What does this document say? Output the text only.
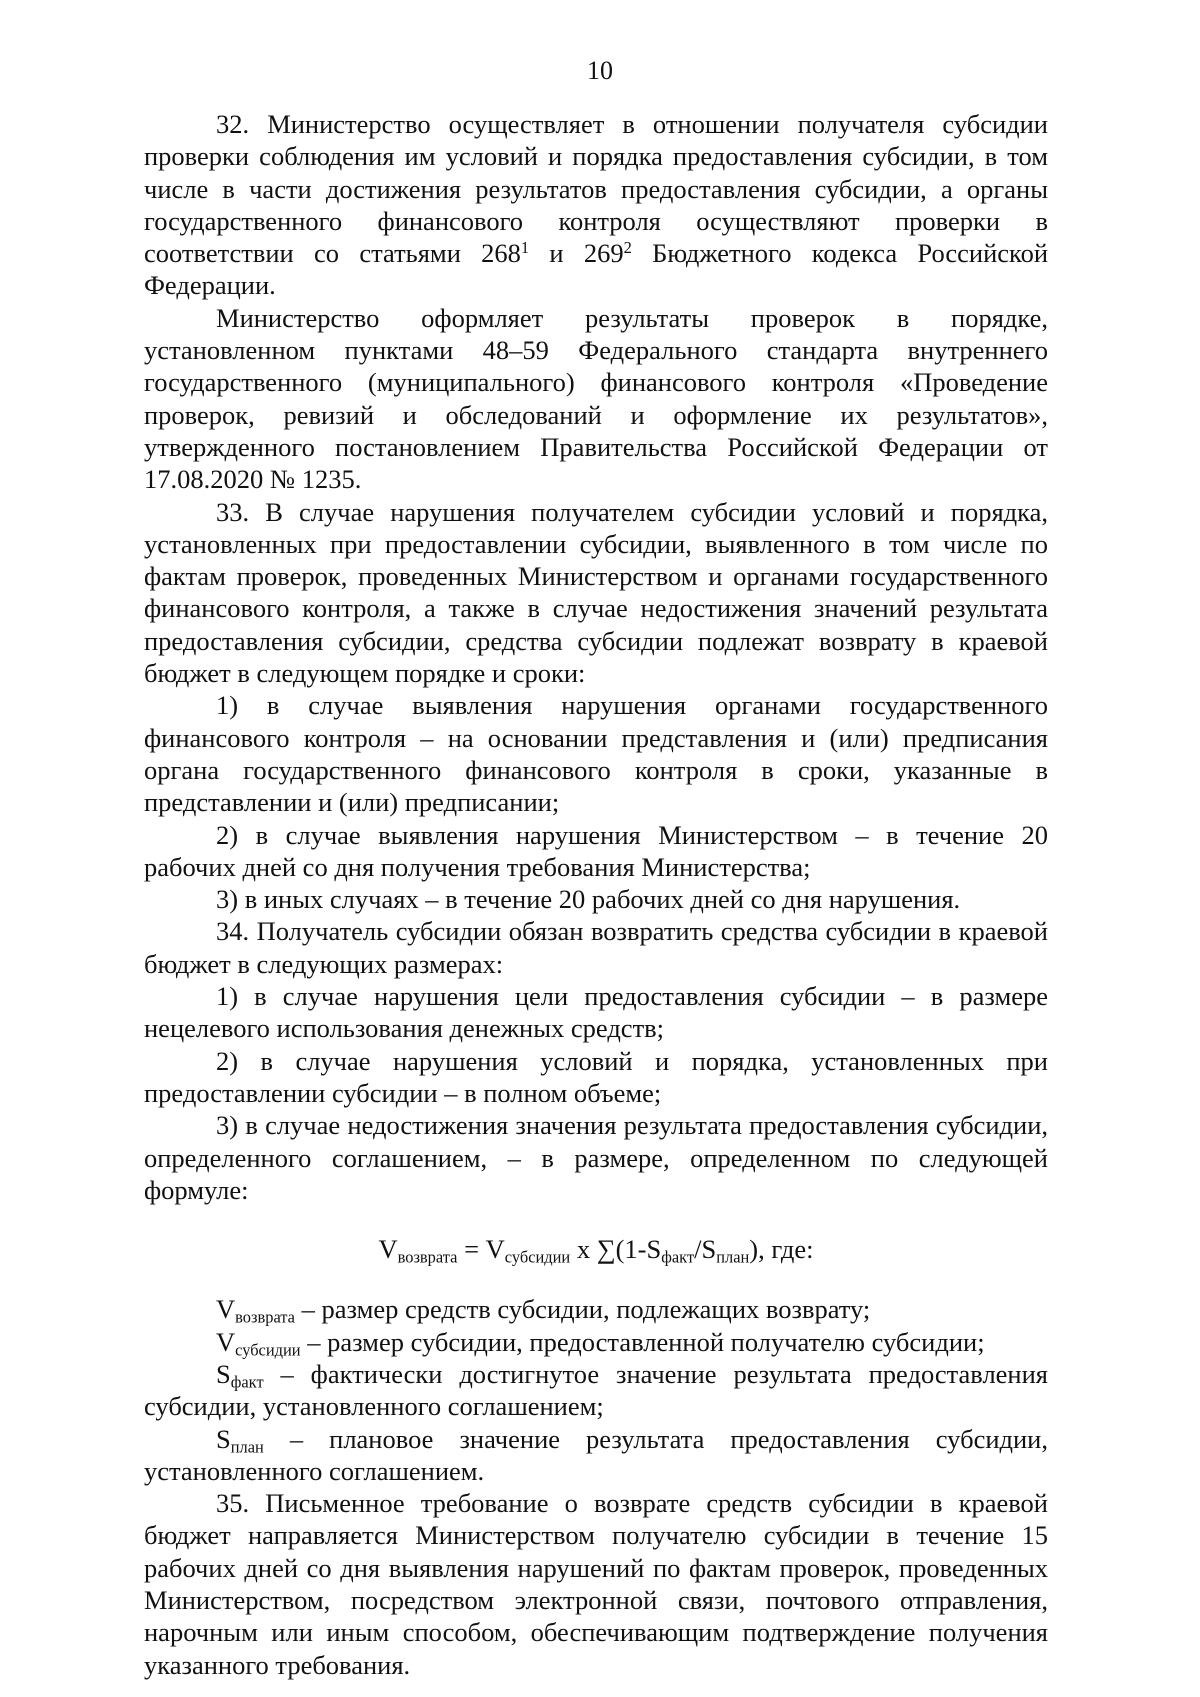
10

32. Министерство осуществляет в отношении получателя субсидии проверки соблюдения им условий и порядка предоставления субсидии, в том числе в части достижения результатов предоставления субсидии, а органы государственного финансового контроля осуществляют проверки в соответствии со статьями $268^1$ и $269^2$ Бюджетного кодекса Российской Федерации.

Министерство оформляет результаты проверок в порядке, установленном пунктами 48–59 Федерального стандарта внутреннего государственного (муниципального) финансового контроля «Проведение проверок, ревизий и обследований и оформление их результатов», утвержденного постановлением Правительства Российской Федерации от 17.08.2020 № 1235.

33. В случае нарушения получателем субсидии условий и порядка, установленных при предоставлении субсидии, выявленного в том числе по фактам проверок, проведенных Министерством и органами государственного финансового контроля, а также в случае недостижения значений результата предоставления субсидии, средства субсидии подлежат возврату в краевой бюджет в следующем порядке и сроки:

1) в случае выявления нарушения органами государственного финансового контроля – на основании представления и (или) предписания органа государственного финансового контроля в сроки, указанные в представлении и (или) предписании;

2) в случае выявления нарушения Министерством – в течение 20 рабочих дней со дня получения требования Министерства;

3) в иных случаях – в течение 20 рабочих дней со дня нарушения.

34. Получатель субсидии обязан возвратить средства субсидии в краевой бюджет в следующих размерах:

1) в случае нарушения цели предоставления субсидии – в размере нецелевого использования денежных средств;

2) в случае нарушения условий и порядка, установленных при предоставлении субсидии – в полном объеме;

3) в случае недостижения значения результата предоставления субсидии, определенного соглашением, – в размере, определенном по следующей формуле:

$V_{возврата} = V_{субсидии}$ x $\sum(1-S_{факт}/S_{план})$, где:

$V_{возврата}$ – размер средств субсидии, подлежащих возврату;

$V_{субсидии}$ – размер субсидии, предоставленной получателю субсидии;

$S_{факт}$ – фактически достигнутое значение результата предоставления субсидии, установленного соглашением;

$S_{план}$ – плановое значение результата предоставления субсидии, установленного соглашением.

35. Письменное требование о возврате средств субсидии в краевой бюджет направляется Министерством получателю субсидии в течение 15 рабочих дней со дня выявления нарушений по фактам проверок, проведенных Министерством, посредством электронной связи, почтового отправления, нарочным или иным способом, обеспечивающим подтверждение получения указанного требования.
